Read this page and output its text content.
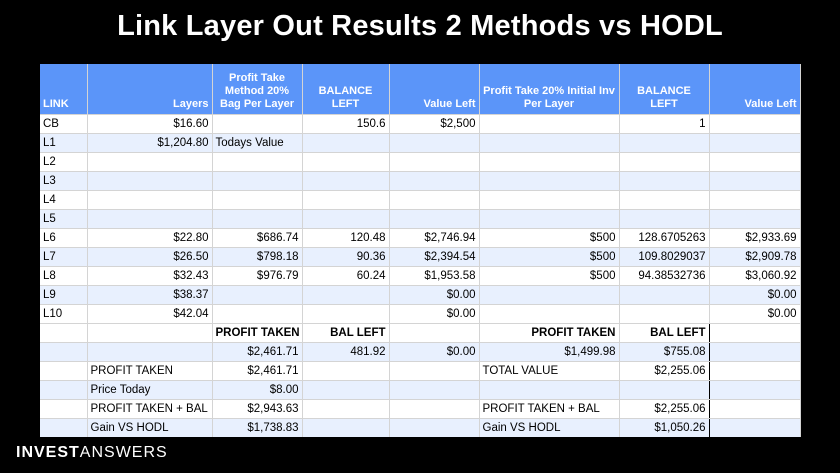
Link Layer Out Results 2 Methods vs HODL
LINK	Layers	Profit Take Method 20% Bag Per Layer	BALANCE LEFT	Value Left	Profit Take 20% Initial Inv Per Layer	BALANCE LEFT	Value Left
CB	$16.60		150.6	$2,500		1	
L1	$1,204.80	Todays Value					
L2							
L3							
L4							
L5							
L6	$22.80	$686.74	120.48	$2,746.94	$500	128.6705263	$2,933.69
L7	$26.50	$798.18	90.36	$2,394.54	$500	109.8029037	$2,909.78
L8	$32.43	$976.79	60.24	$1,953.58	$500	94.38532736	$3,060.92
L9	$38.37			$0.00			$0.00
L10	$42.04			$0.00			$0.00
		PROFIT TAKEN	BAL LEFT		PROFIT TAKEN	BAL LEFT	
		$2,461.71	481.92	$0.00	$1,499.98	$755.08	
	PROFIT TAKEN	$2,461.71			TOTAL VALUE	$2,255.06	
	Price Today	$8.00					
	PROFIT TAKEN + BAL	$2,943.63			PROFIT TAKEN + BAL	$2,255.06	
	Gain VS HODL	$1,738.83			Gain VS HODL	$1,050.26	
INVESTANSWERS
